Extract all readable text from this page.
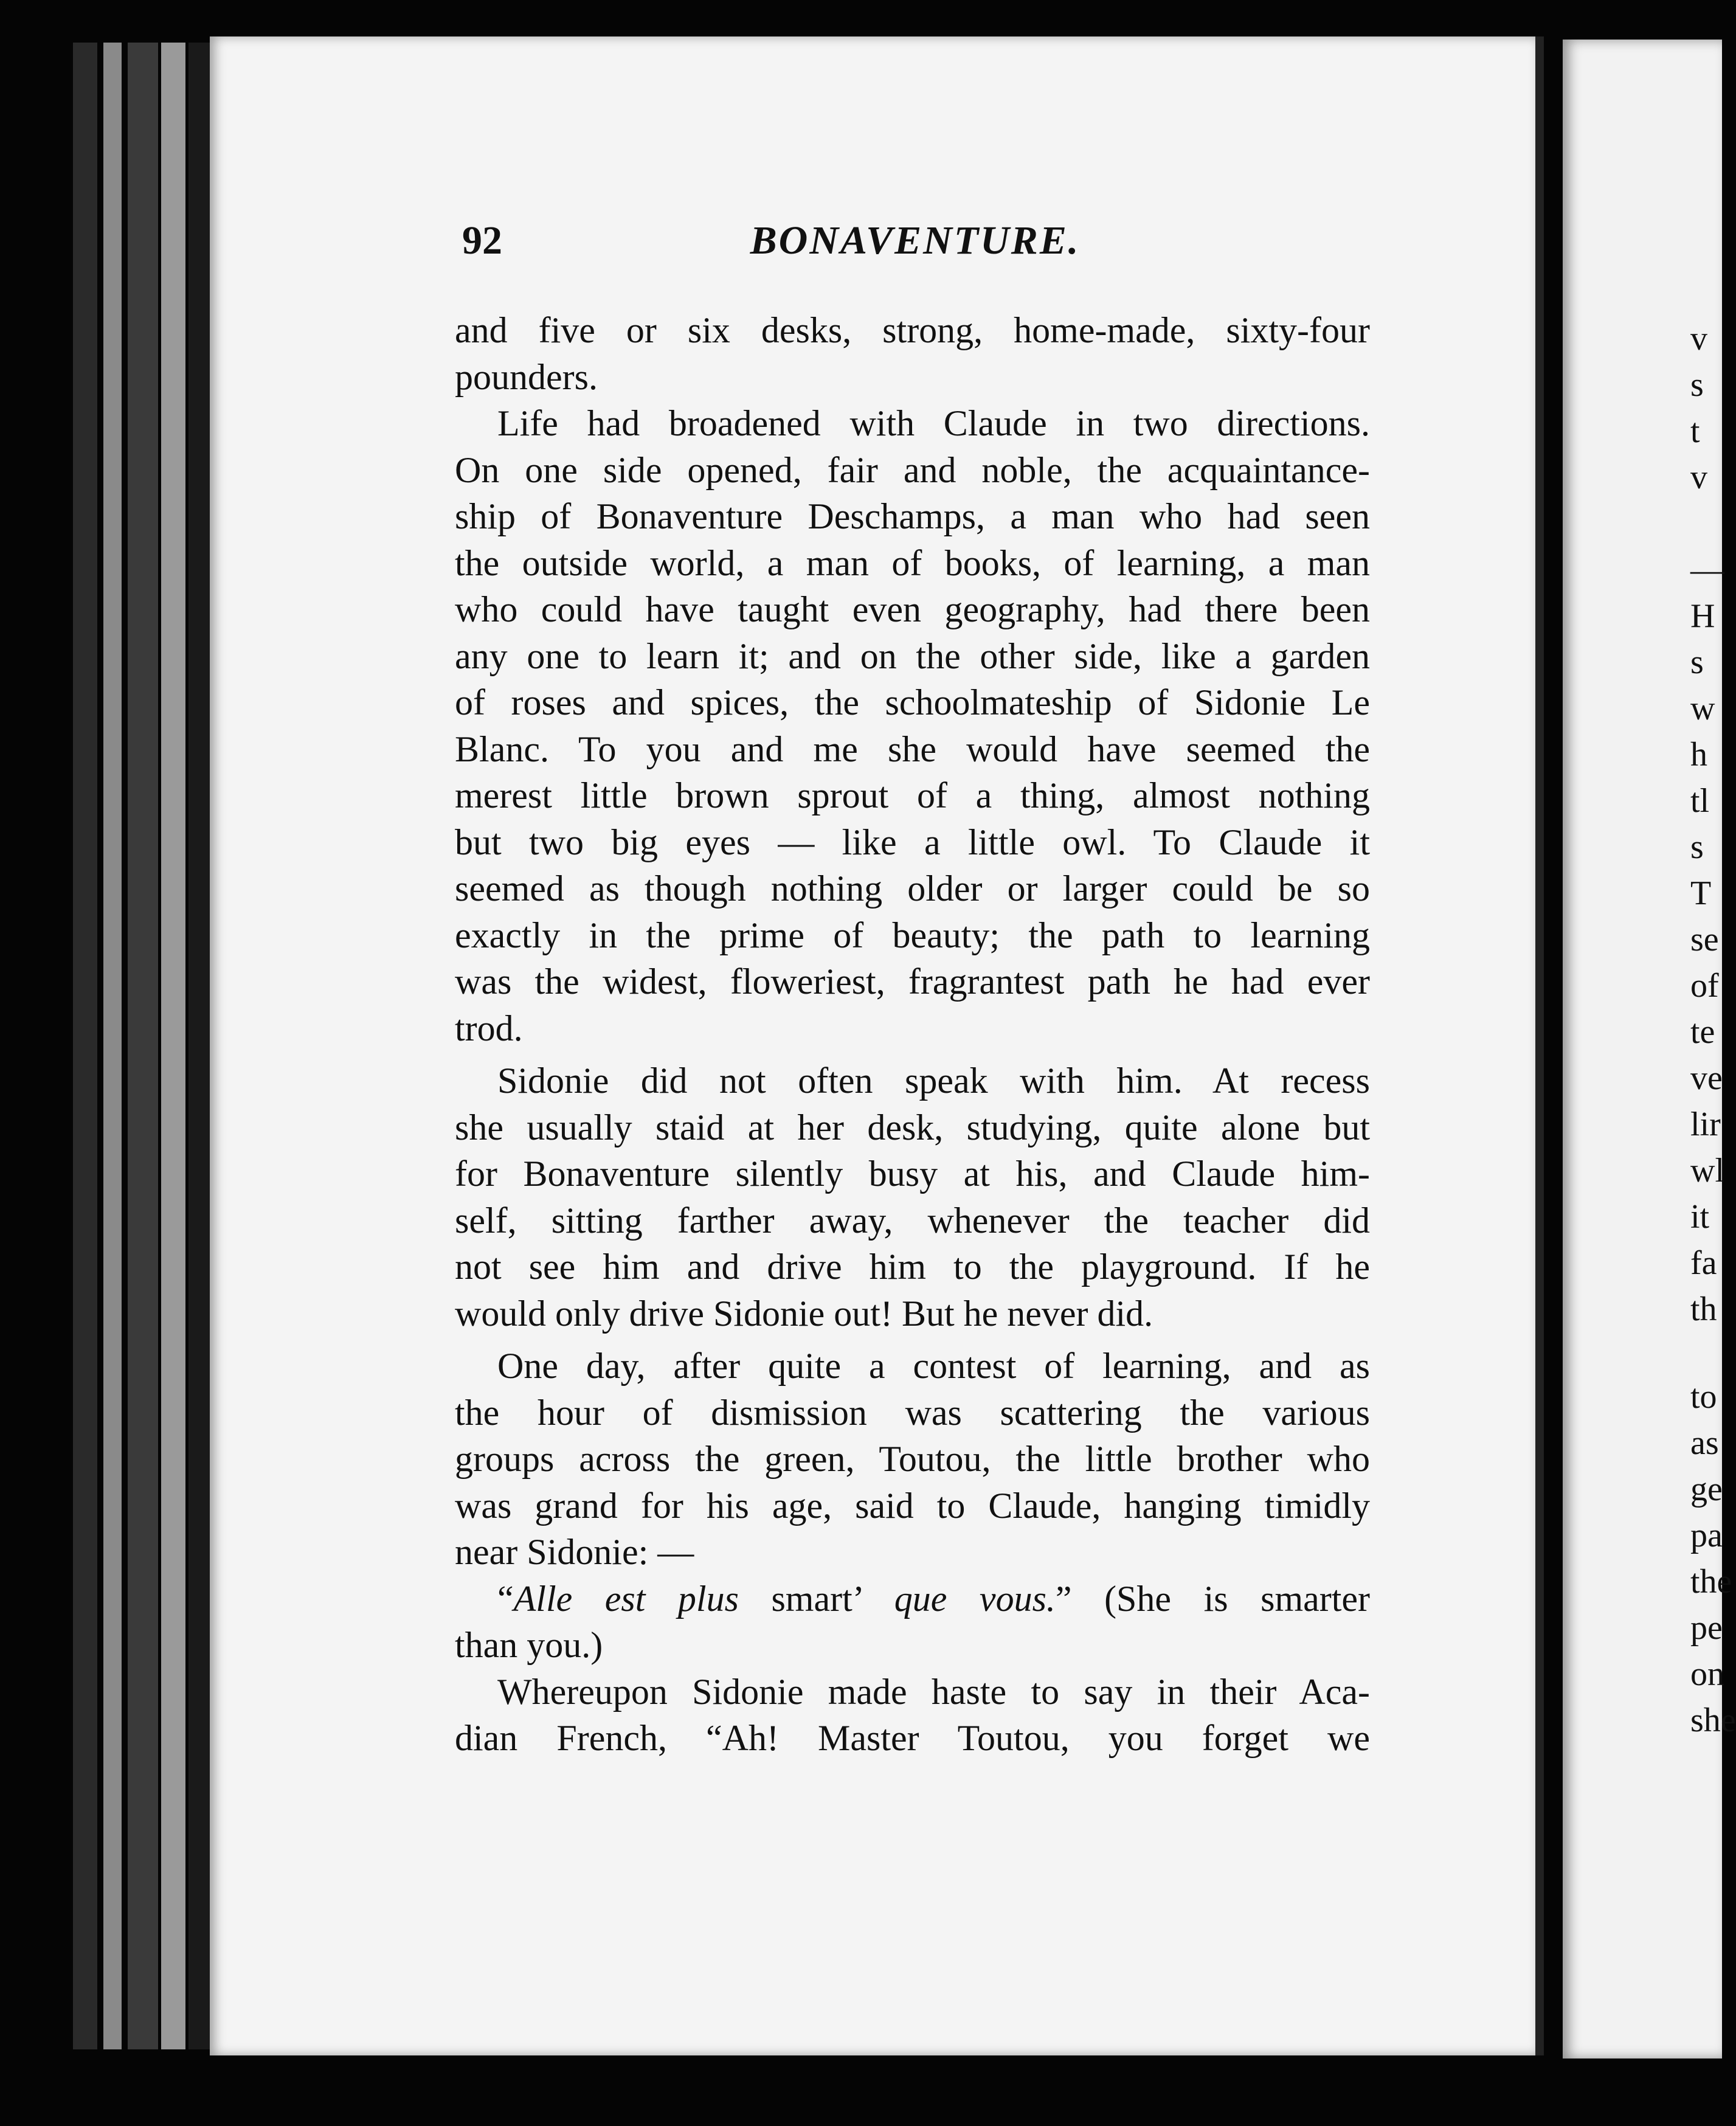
92	BONAVENTURE.
and five or six desks, strong, home-made, sixty-four
pounders.
Life had broadened with Claude in two directions.
On one side opened, fair and noble, the acquaintance-
ship of Bonaventure Deschamps, a man who had seen
the outside world, a man of books, of learning, a man
who could have taught even geography, had there been
any one to learn it; and on the other side, like a garden
of roses and spices, the schoolmateship of Sidonie Le
Blanc. To you and me she would have seemed the
merest little brown sprout of a thing, almost nothing
but two big eyes — like a little owl. To Claude it
seemed as though nothing older or larger could be so
exactly in the prime of beauty; the path to learning
was the widest, floweriest, fragrantest path he had ever
trod.
Sidonie did not often speak with him. At recess
she usually staid at her desk, studying, quite alone but
for Bonaventure silently busy at his, and Claude him-
self, sitting farther away, whenever the teacher did
not see him and drive him to the playground. If he
would only drive Sidonie out! But he never did.
One day, after quite a contest of learning, and as
the hour of dismission was scattering the various
groups across the green, Toutou, the little brother who
was grand for his age, said to Claude, hanging timidly
near Sidonie: —
“Alle est plus smart’ que vous.” (She is smarter
than you.)
Whereupon Sidonie made haste to say in their Aca-
dian French, “Ah! Master Toutou, you forget we
v
s
t
v
—
H
s
w
h
tl
s
T
se
of
te
ve
lir
wl
it
fa
th
to
as
ge
pa
the
pe
on
she
